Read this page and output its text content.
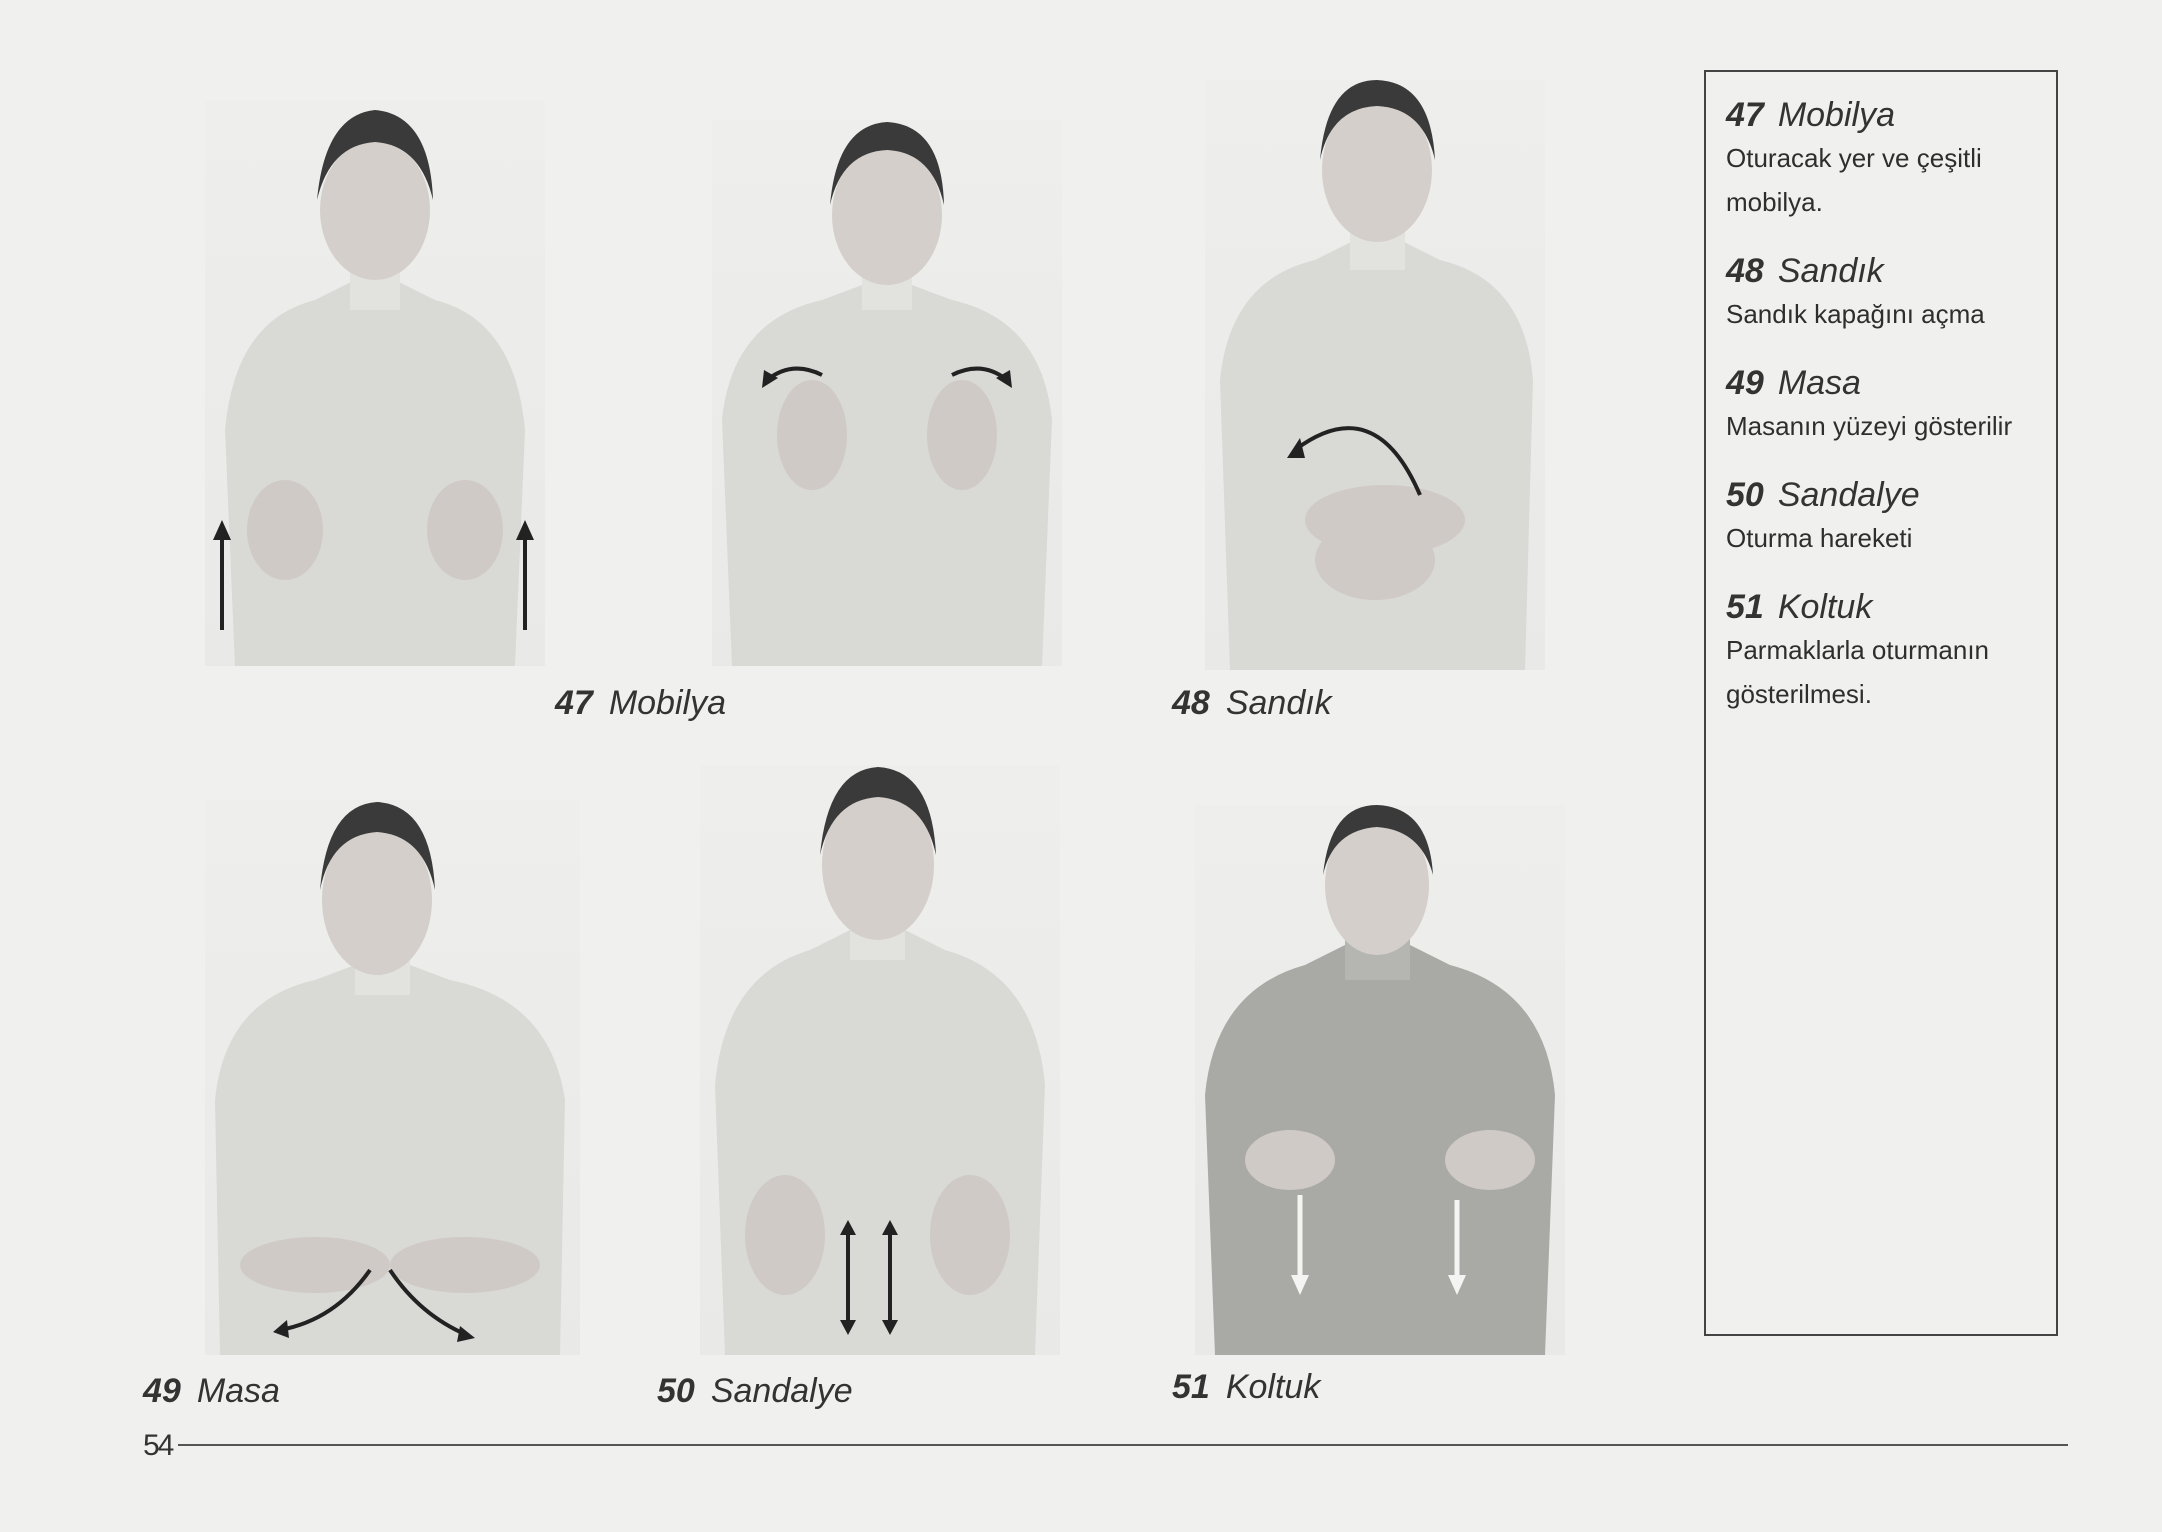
47 Mobilya	48 Sandık
49 Masa	50 Sandalye	51 Koltuk
47 Mobilya
Oturacak yer ve çeşitli mobilya.
48 Sandık
Sandık kapağını açma
49 Masa
Masanın yüzeyi gösterilir
50 Sandalye
Oturma hareketi
51 Koltuk
Parmaklarla oturmanın gösterilmesi.
54
